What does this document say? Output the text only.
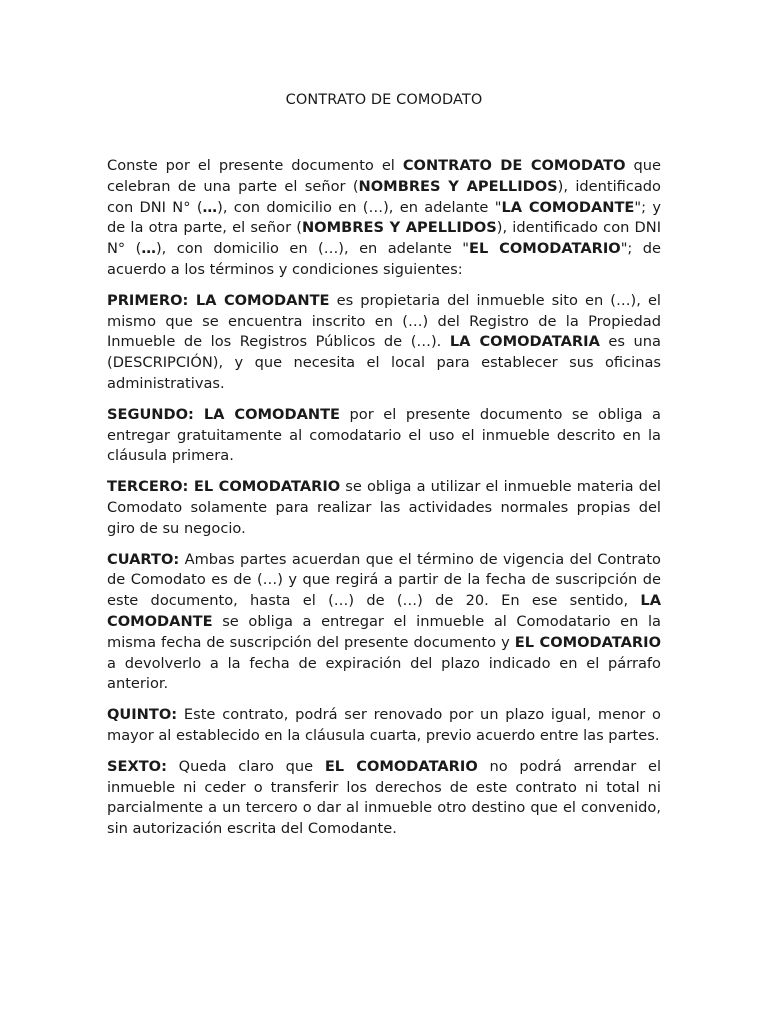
CONTRATO DE COMODATO

Conste por el presente documento el CONTRATO DE COMODATO que celebran de una parte el señor (NOMBRES Y APELLIDOS), identificado con DNI N° (…), con domicilio en (…), en adelante "LA COMODANTE"; y de la otra parte, el señor (NOMBRES Y APELLIDOS), identificado con DNI N° (…), con domicilio en (…), en adelante "EL COMODATARIO"; de acuerdo a los términos y condiciones siguientes:

PRIMERO: LA COMODANTE es propietaria del inmueble sito en (…), el mismo que se encuentra inscrito en (…) del Registro de la Propiedad Inmueble de los Registros Públicos de (…). LA COMODATARIA es una (DESCRIPCIÓN), y que necesita el local para establecer sus oficinas administrativas.

SEGUNDO: LA COMODANTE por el presente documento se obliga a entregar gratuitamente al comodatario el uso el inmueble descrito en la cláusula primera.

TERCERO: EL COMODATARIO se obliga a utilizar el inmueble materia del Comodato solamente para realizar las actividades normales propias del giro de su negocio.

CUARTO: Ambas partes acuerdan que el término de vigencia del Contrato de Comodato es de (…) y que regirá a partir de la fecha de suscripción de este documento, hasta el (…) de (…) de 20. En ese sentido, LA COMODANTE se obliga a entregar el inmueble al Comodatario en la misma fecha de suscripción del presente documento y EL COMODATARIO a devolverlo a la fecha de expiración del plazo indicado en el párrafo anterior.

QUINTO: Este contrato, podrá ser renovado por un plazo igual, menor o mayor al establecido en la cláusula cuarta, previo acuerdo entre las partes.

SEXTO: Queda claro que EL COMODATARIO no podrá arrendar el inmueble ni ceder o transferir los derechos de este contrato ni total ni parcialmente a un tercero o dar al inmueble otro destino que el convenido, sin autorización escrita del Comodante.
